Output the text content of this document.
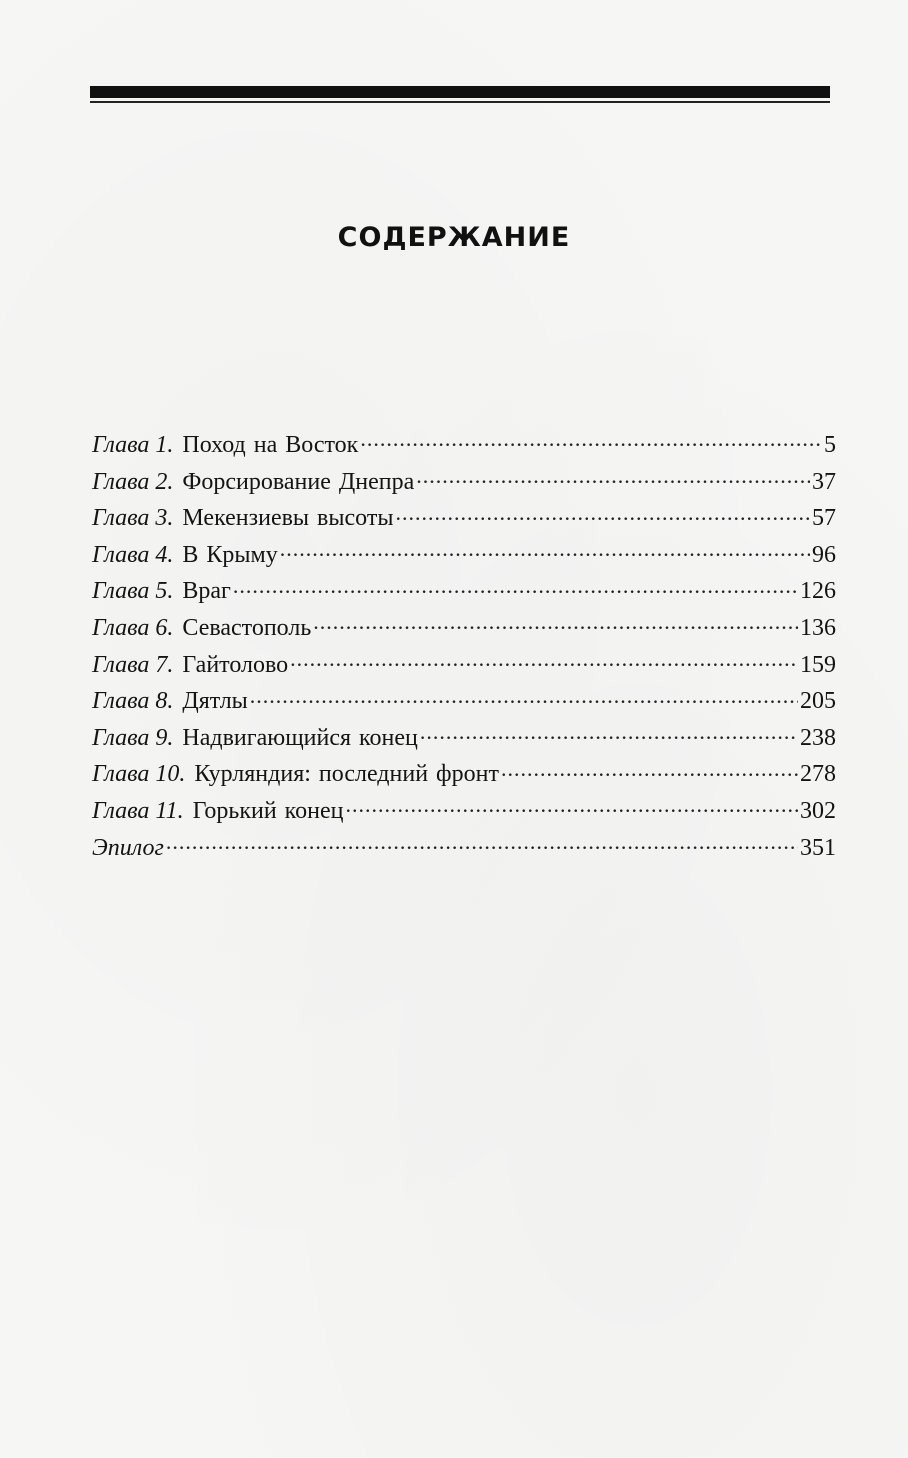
СОДЕРЖАНИЕ
Глава 1. Поход на Восток .....	5
Глава 2. Форсирование Днепра .....	37
Глава 3. Мекензиевы высоты .....	57
Глава 4. В Крыму .....	96
Глава 5. Враг .....	126
Глава 6. Севастополь .....	136
Глава 7. Гайтолово .....	159
Глава 8. Дятлы .....	205
Глава 9. Надвигающийся конец .....	238
Глава 10. Курляндия: последний фронт .....	278
Глава 11. Горький конец .....	302
Эпилог .....	351
